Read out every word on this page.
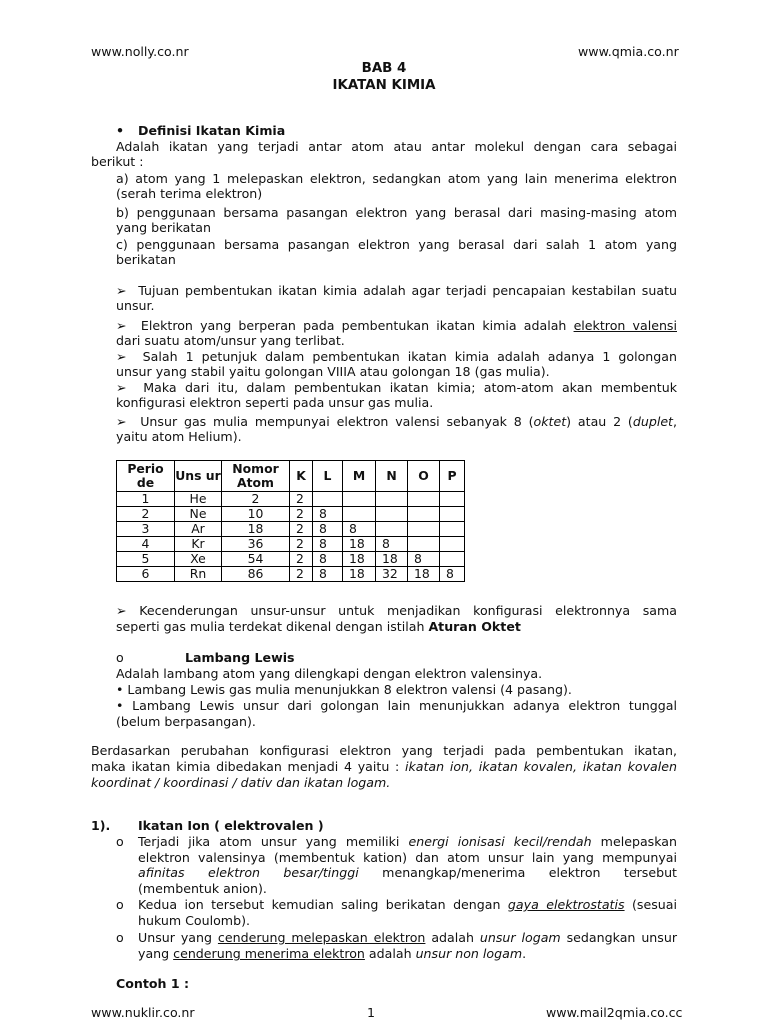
www.nolly.co.nr	www.qmia.co.nr
BAB 4
IKATAN KIMIA
• Definisi Ikatan Kimia
Adalah ikatan yang terjadi antar atom atau antar molekul dengan cara sebagai
berikut :
a) atom yang 1 melepaskan elektron, sedangkan atom yang lain menerima elektron
(serah terima elektron)
b) penggunaan bersama pasangan elektron yang berasal dari masing-masing atom
yang berikatan
c) penggunaan bersama pasangan elektron yang berasal dari salah 1 atom yang
berikatan
➢ Tujuan pembentukan ikatan kimia adalah agar terjadi pencapaian kestabilan suatu
unsur.
➢ Elektron yang berperan pada pembentukan ikatan kimia adalah elektron valensi
dari suatu atom/unsur yang terlibat.
➢ Salah 1 petunjuk dalam pembentukan ikatan kimia adalah adanya 1 golongan
unsur yang stabil yaitu golongan VIIIA atau golongan 18 (gas mulia).
➢ Maka dari itu, dalam pembentukan ikatan kimia; atom-atom akan membentuk
konfigurasi elektron seperti pada unsur gas mulia.
➢ Unsur gas mulia mempunyai elektron valensi sebanyak 8 (oktet) atau 2 (duplet,
yaitu atom Helium).
Perio de	Uns ur	Nomor Atom	K	L	M	N	O	P
1	He	2	2					
2	Ne	10	2	8				
3	Ar	18	2	8	8			
4	Kr	36	2	8	18	8		
5	Xe	54	2	8	18	18	8	
6	Rn	86	2	8	18	32	18	8
➢ Kecenderungan unsur-unsur untuk menjadikan konfigurasi elektronnya sama
seperti gas mulia terdekat dikenal dengan istilah Aturan Oktet
o	Lambang Lewis
Adalah lambang atom yang dilengkapi dengan elektron valensinya.
• Lambang Lewis gas mulia menunjukkan 8 elektron valensi (4 pasang).
• Lambang Lewis unsur dari golongan lain menunjukkan adanya elektron tunggal
(belum berpasangan).
Berdasarkan perubahan konfigurasi elektron yang terjadi pada pembentukan ikatan,
maka ikatan kimia dibedakan menjadi 4 yaitu : ikatan ion, ikatan kovalen, ikatan kovalen
koordinat / koordinasi / dativ dan ikatan logam.
1). Ikatan Ion ( elektrovalen )
o Terjadi jika atom unsur yang memiliki energi ionisasi kecil/rendah melepaskan
elektron valensinya (membentuk kation) dan atom unsur lain yang mempunyai
afinitas elektron besar/tinggi menangkap/menerima elektron tersebut
(membentuk anion).
o Kedua ion tersebut kemudian saling berikatan dengan gaya elektrostatis (sesuai
hukum Coulomb).
o Unsur yang cenderung melepaskan elektron adalah unsur logam sedangkan unsur
yang cenderung menerima elektron adalah unsur non logam.
Contoh 1 :
www.nuklir.co.nr	1	www.mail2qmia.co.cc
